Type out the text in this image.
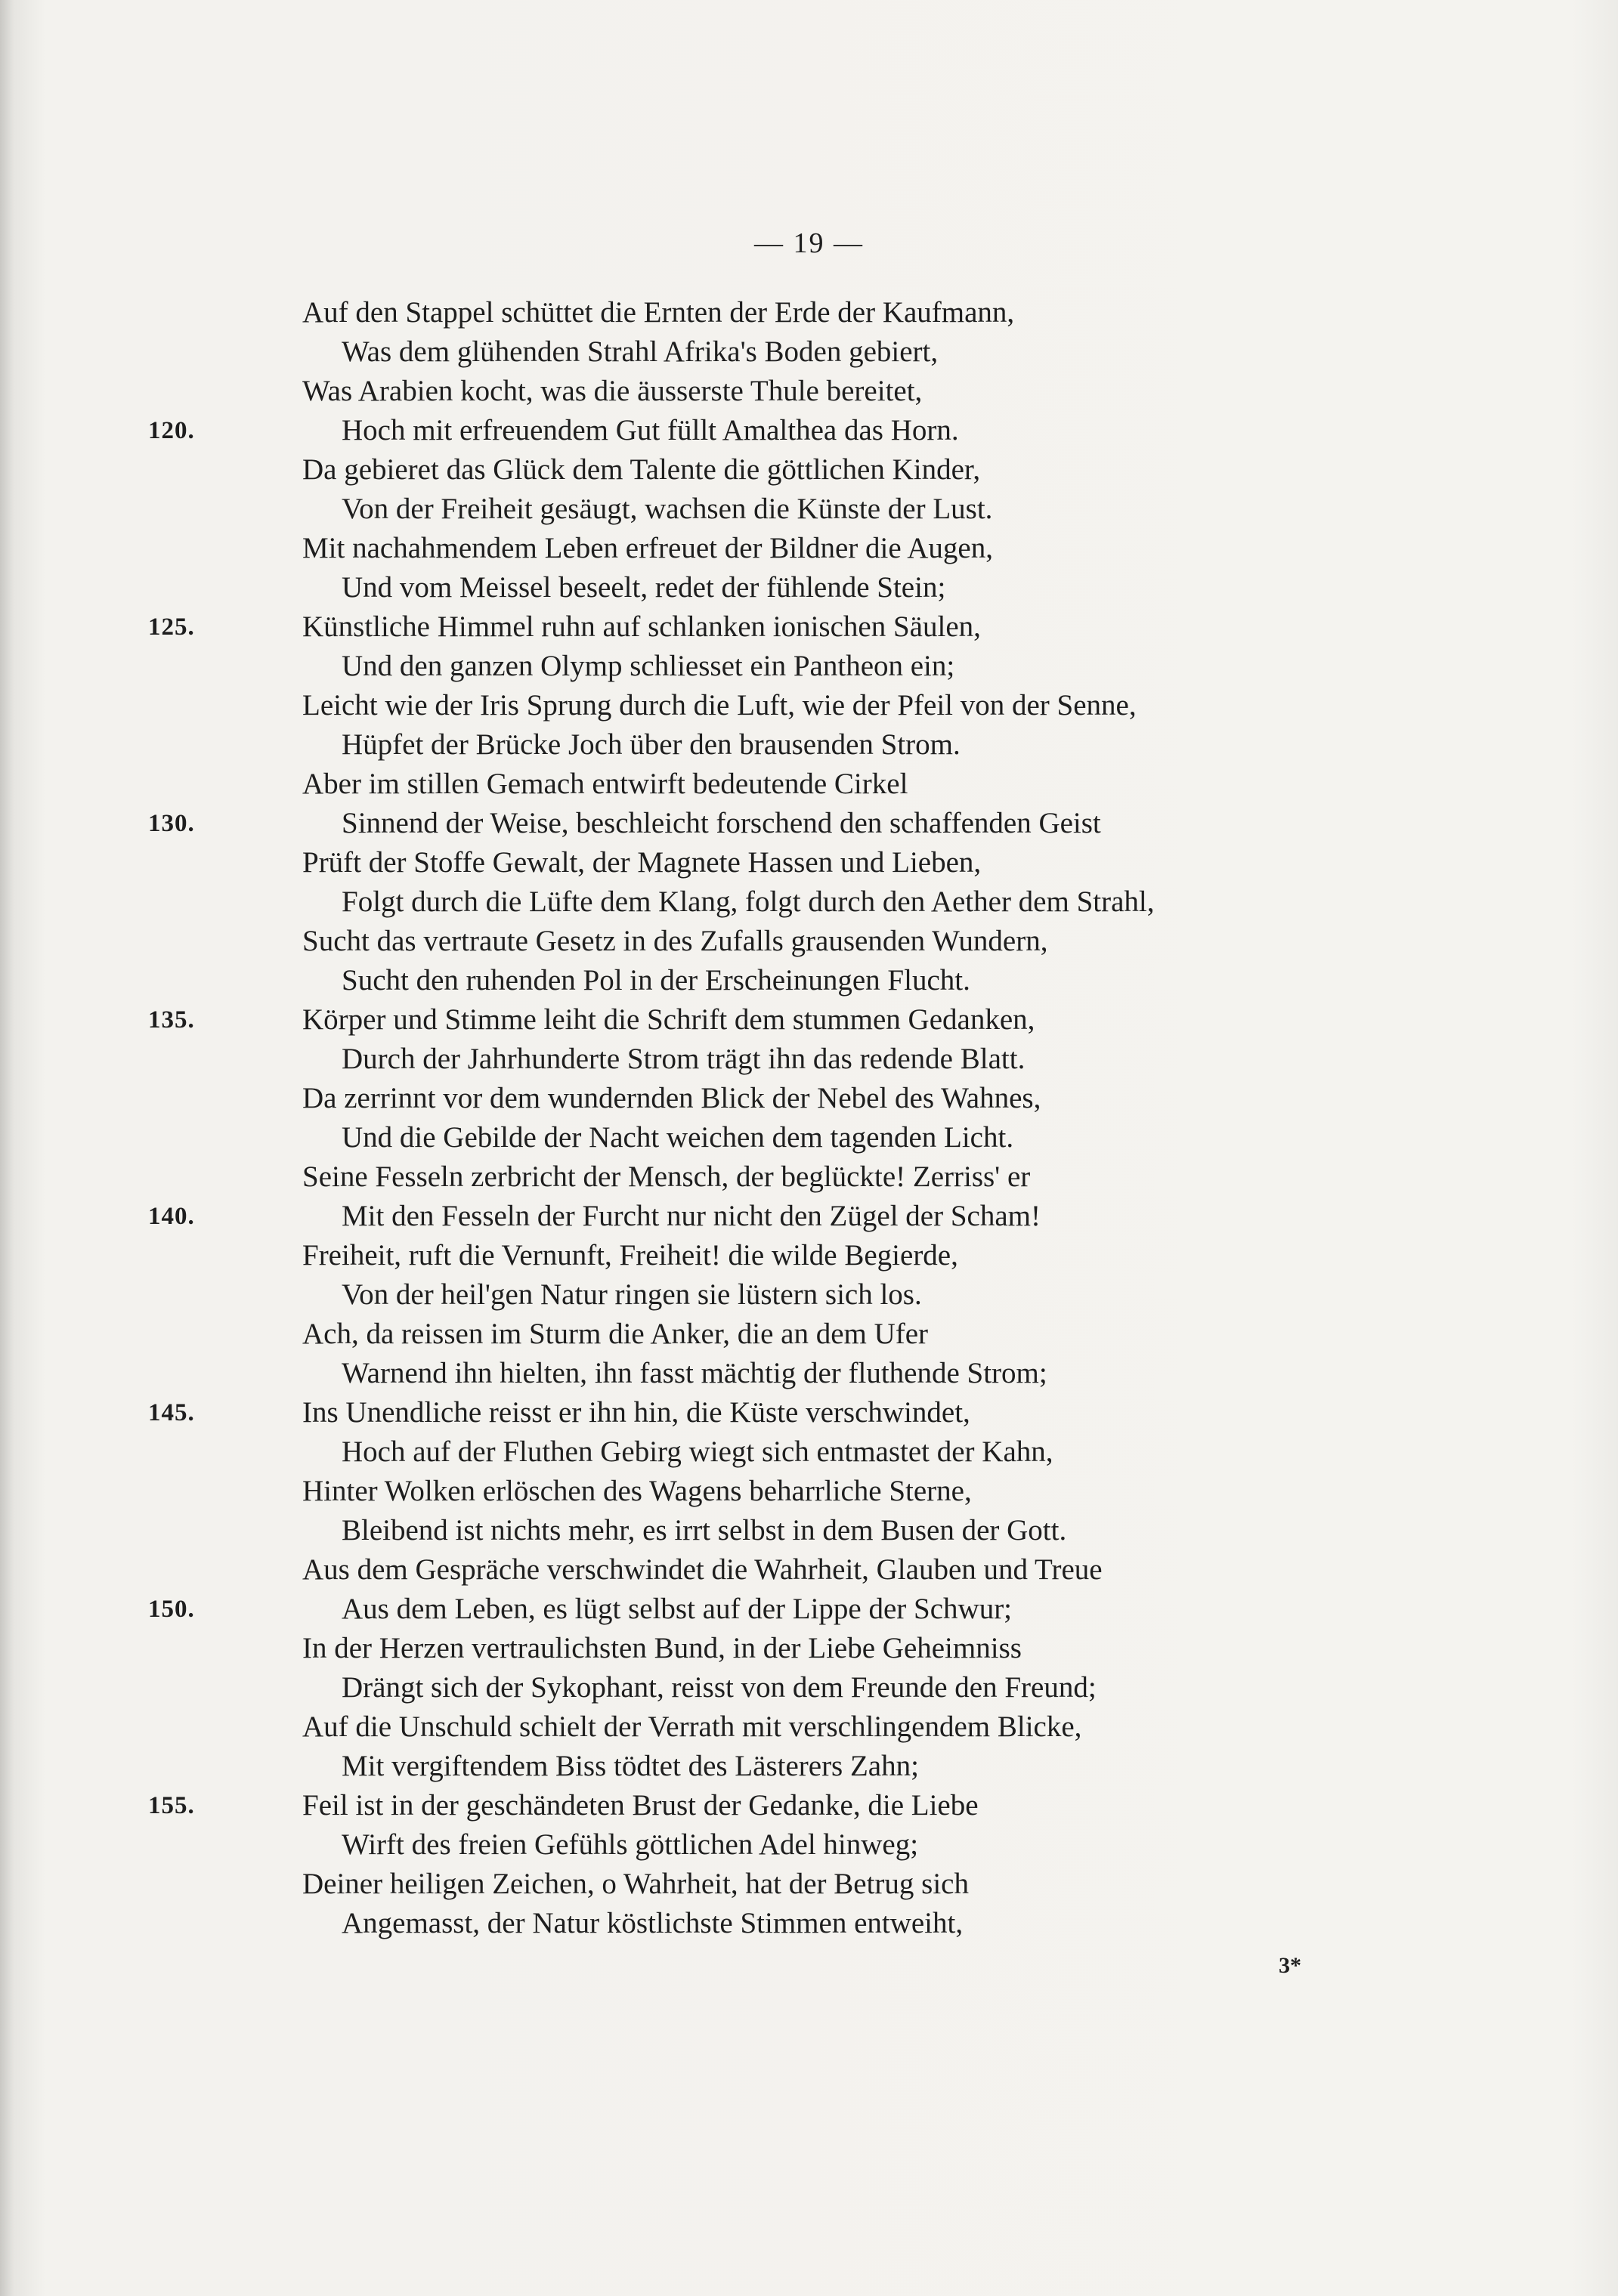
— 19 —
Auf den Stappel schüttet die Ernten der Erde der Kaufmann,
Was dem glühenden Strahl Afrika's Boden gebiert,
Was Arabien kocht, was die äusserste Thule bereitet,
120.	Hoch mit erfreuendem Gut füllt Amalthea das Horn.
Da gebieret das Glück dem Talente die göttlichen Kinder,
Von der Freiheit gesäugt, wachsen die Künste der Lust.
Mit nachahmendem Leben erfreuet der Bildner die Augen,
Und vom Meissel beseelt, redet der fühlende Stein;
125.	Künstliche Himmel ruhn auf schlanken ionischen Säulen,
Und den ganzen Olymp schliesset ein Pantheon ein;
Leicht wie der Iris Sprung durch die Luft, wie der Pfeil von der Senne,
Hüpfet der Brücke Joch über den brausenden Strom.
Aber im stillen Gemach entwirft bedeutende Cirkel
130.	Sinnend der Weise, beschleicht forschend den schaffenden Geist
Prüft der Stoffe Gewalt, der Magnete Hassen und Lieben,
Folgt durch die Lüfte dem Klang, folgt durch den Aether dem Strahl,
Sucht das vertraute Gesetz in des Zufalls grausenden Wundern,
Sucht den ruhenden Pol in der Erscheinungen Flucht.
135.	Körper und Stimme leiht die Schrift dem stummen Gedanken,
Durch der Jahrhunderte Strom trägt ihn das redende Blatt.
Da zerrinnt vor dem wundernden Blick der Nebel des Wahnes,
Und die Gebilde der Nacht weichen dem tagenden Licht.
Seine Fesseln zerbricht der Mensch, der beglückte! Zerriss' er
140.	Mit den Fesseln der Furcht nur nicht den Zügel der Scham!
Freiheit, ruft die Vernunft, Freiheit! die wilde Begierde,
Von der heil'gen Natur ringen sie lüstern sich los.
Ach, da reissen im Sturm die Anker, die an dem Ufer
Warnend ihn hielten, ihn fasst mächtig der fluthende Strom;
145.	Ins Unendliche reisst er ihn hin, die Küste verschwindet,
Hoch auf der Fluthen Gebirg wiegt sich entmastet der Kahn,
Hinter Wolken erlöschen des Wagens beharrliche Sterne,
Bleibend ist nichts mehr, es irrt selbst in dem Busen der Gott.
Aus dem Gespräche verschwindet die Wahrheit, Glauben und Treue
150.	Aus dem Leben, es lügt selbst auf der Lippe der Schwur;
In der Herzen vertraulichsten Bund, in der Liebe Geheimniss
Drängt sich der Sykophant, reisst von dem Freunde den Freund;
Auf die Unschuld schielt der Verrath mit verschlingendem Blicke,
Mit vergiftendem Biss tödtet des Lästerers Zahn;
155.	Feil ist in der geschändeten Brust der Gedanke, die Liebe
Wirft des freien Gefühls göttlichen Adel hinweg;
Deiner heiligen Zeichen, o Wahrheit, hat der Betrug sich
Angemasst, der Natur köstlichste Stimmen entweiht,
3*
